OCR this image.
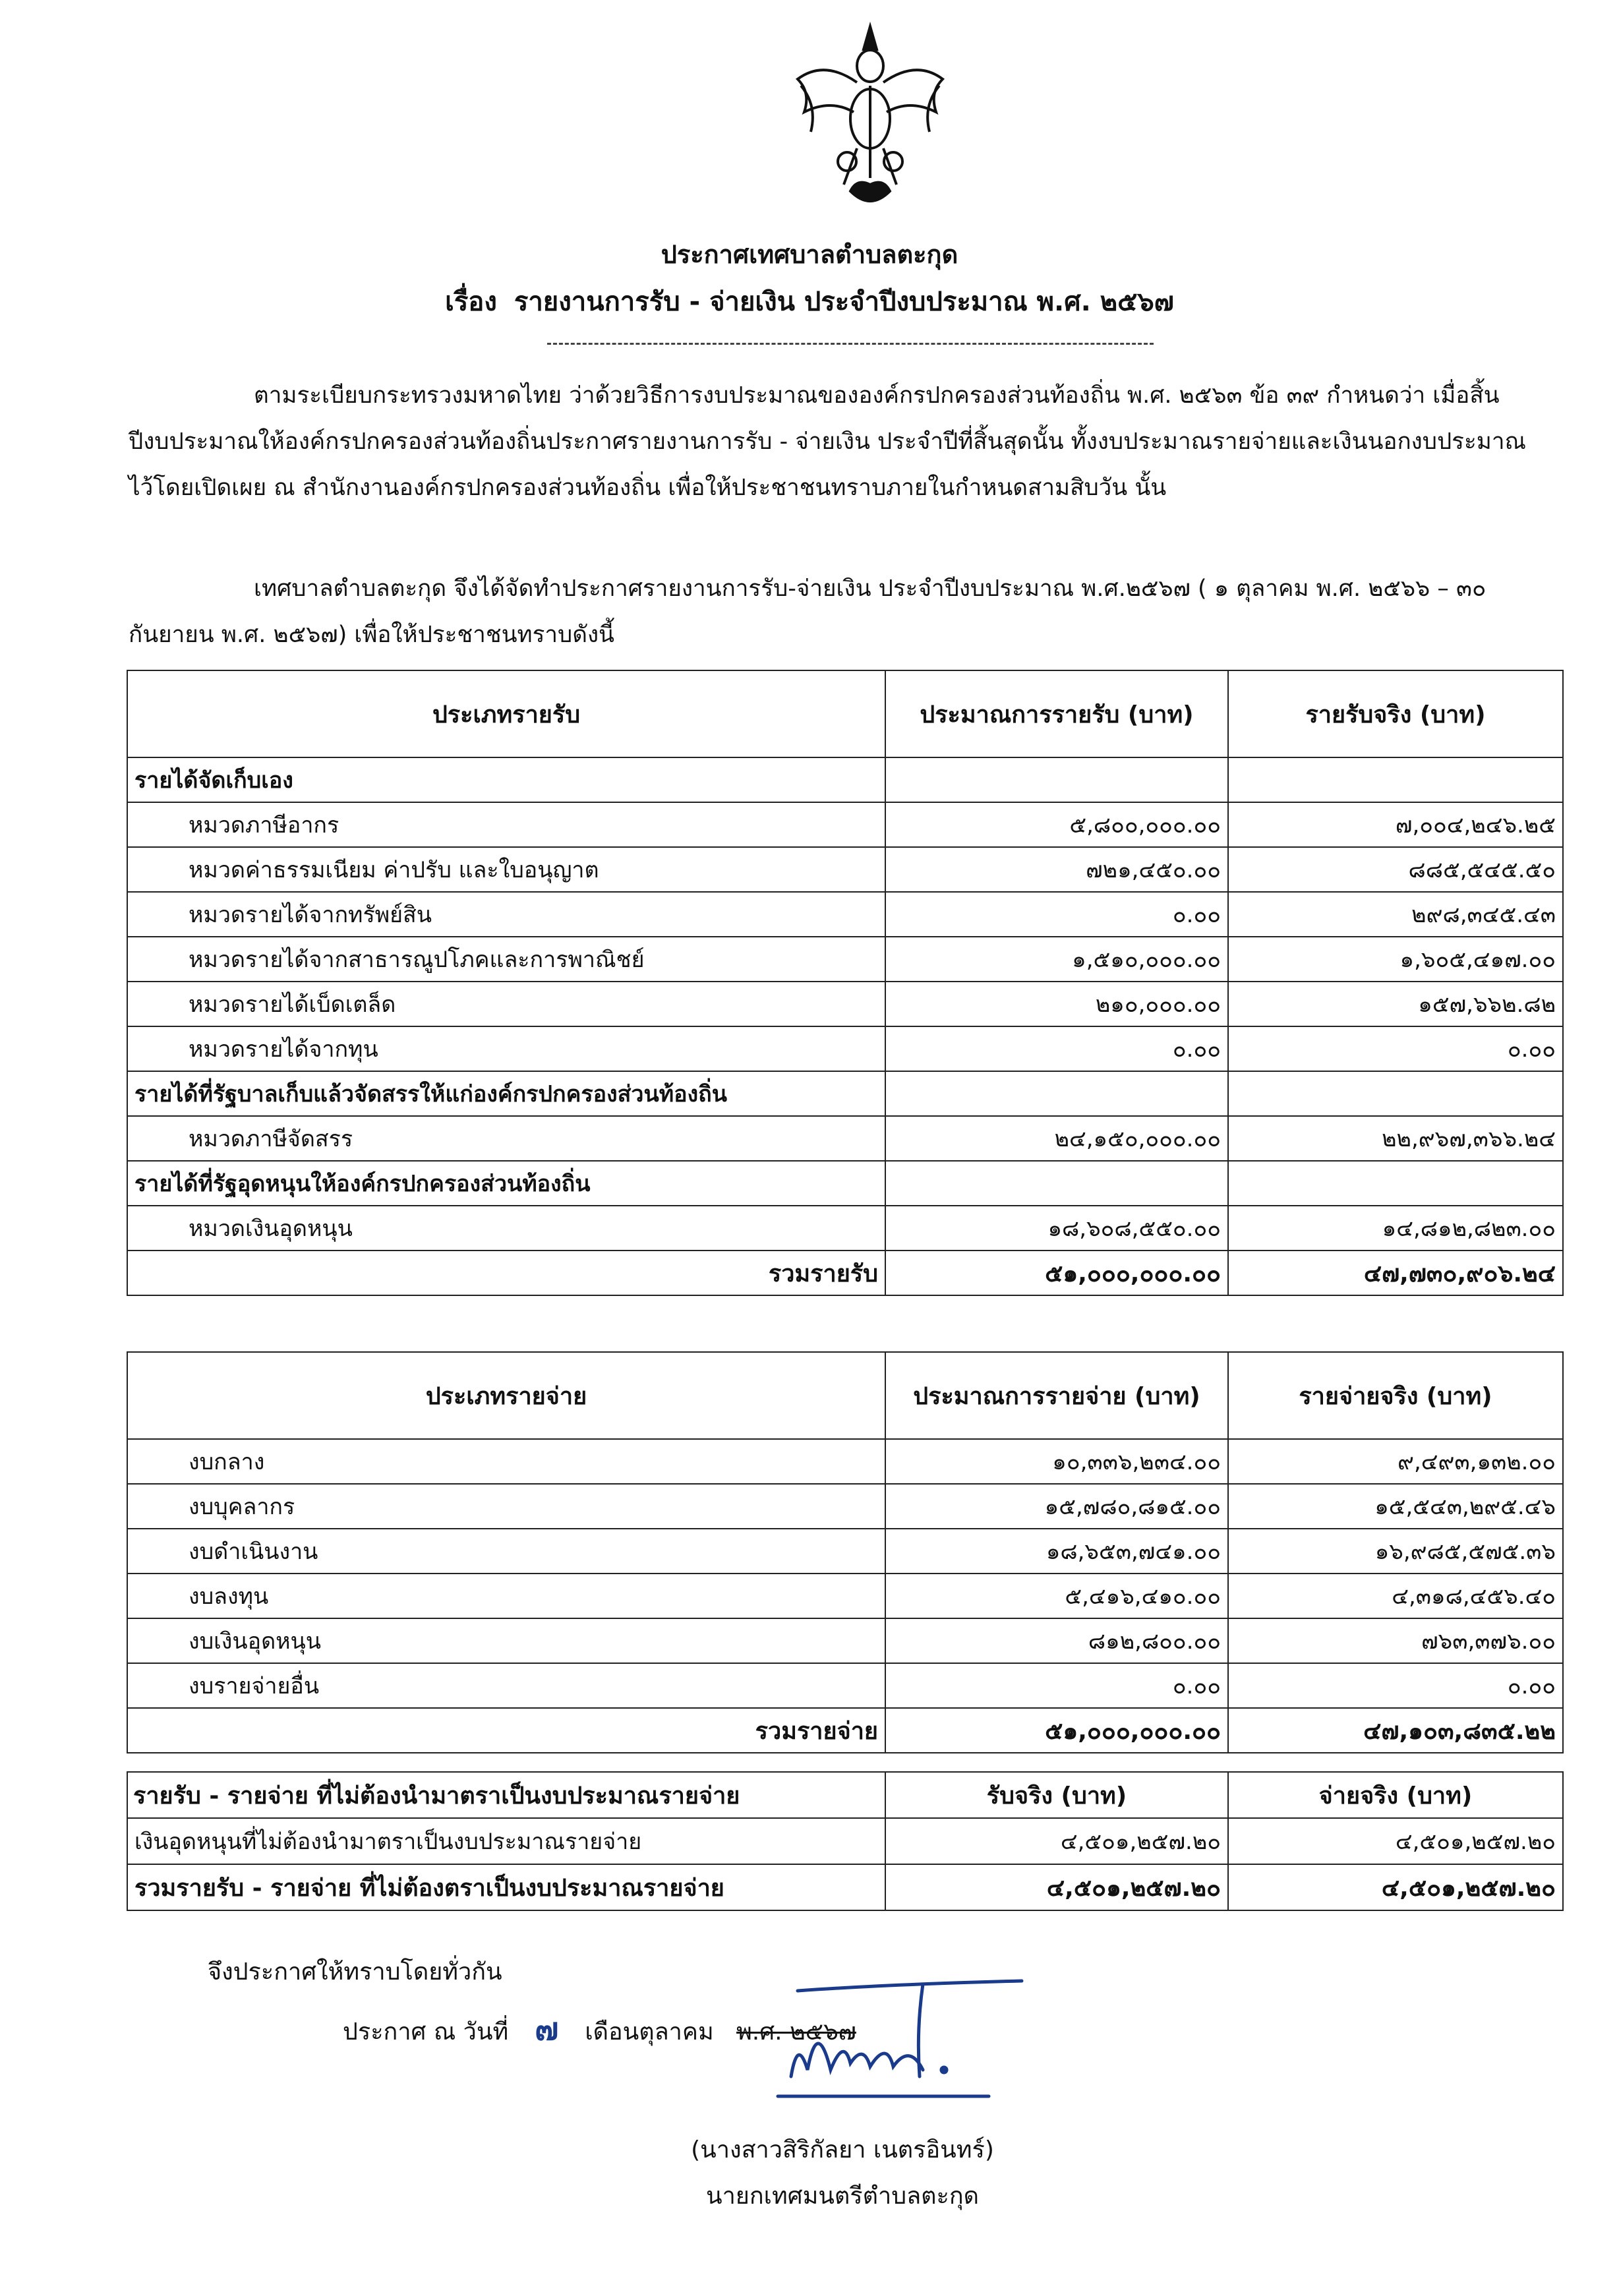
ประกาศเทศบาลตำบลตะกุด
เรื่อง รายงานการรับ - จ่ายเงิน ประจำปีงบประมาณ พ.ศ. ๒๕๖๗
ตามระเบียบกระทรวงมหาดไทย ว่าด้วยวิธีการงบประมาณขององค์กรปกครองส่วนท้องถิ่น พ.ศ. ๒๕๖๓ ข้อ ๓๙ กำหนดว่า เมื่อสิ้นปีงบประมาณให้องค์กรปกครองส่วนท้องถิ่นประกาศรายงานการรับ - จ่ายเงิน ประจำปีที่สิ้นสุดนั้น ทั้งงบประมาณรายจ่ายและเงินนอกงบประมาณไว้โดยเปิดเผย ณ สำนักงานองค์กรปกครองส่วนท้องถิ่น เพื่อให้ประชาชนทราบภายในกำหนดสามสิบวัน นั้น
เทศบาลตำบลตะกุด จึงได้จัดทำประกาศรายงานการรับ-จ่ายเงิน ประจำปีงบประมาณ พ.ศ.๒๕๖๗ ( ๑ ตุลาคม พ.ศ. ๒๕๖๖ – ๓๐ กันยายน พ.ศ. ๒๕๖๗) เพื่อให้ประชาชนทราบดังนี้
ประเภทรายรับ	ประมาณการรายรับ (บาท)	รายรับจริง (บาท)
รายได้จัดเก็บเอง		
หมวดภาษีอากร	๕,๘๐๐,๐๐๐.๐๐	๗,๐๐๔,๒๔๖.๒๕
หมวดค่าธรรมเนียม ค่าปรับ และใบอนุญาต	๗๒๑,๔๕๐.๐๐	๘๘๕,๕๔๕.๕๐
หมวดรายได้จากทรัพย์สิน	๐.๐๐	๒๙๘,๓๔๕.๔๓
หมวดรายได้จากสาธารณูปโภคและการพาณิชย์	๑,๕๑๐,๐๐๐.๐๐	๑,๖๐๕,๔๑๗.๐๐
หมวดรายได้เบ็ดเตล็ด	๒๑๐,๐๐๐.๐๐	๑๕๗,๖๖๒.๘๒
หมวดรายได้จากทุน	๐.๐๐	๐.๐๐
รายได้ที่รัฐบาลเก็บแล้วจัดสรรให้แก่องค์กรปกครองส่วนท้องถิ่น		
หมวดภาษีจัดสรร	๒๔,๑๕๐,๐๐๐.๐๐	๒๒,๙๖๗,๓๖๖.๒๔
รายได้ที่รัฐอุดหนุนให้องค์กรปกครองส่วนท้องถิ่น		
หมวดเงินอุดหนุน	๑๘,๖๐๘,๕๕๐.๐๐	๑๔,๘๑๒,๘๒๓.๐๐
รวมรายรับ	๕๑,๐๐๐,๐๐๐.๐๐	๔๗,๗๓๐,๙๐๖.๒๔
ประเภทรายจ่าย	ประมาณการรายจ่าย (บาท)	รายจ่ายจริง (บาท)
งบกลาง	๑๐,๓๓๖,๒๓๔.๐๐	๙,๔๙๓,๑๓๒.๐๐
งบบุคลากร	๑๕,๗๘๐,๘๑๕.๐๐	๑๕,๕๔๓,๒๙๕.๔๖
งบดำเนินงาน	๑๘,๖๕๓,๗๔๑.๐๐	๑๖,๙๘๕,๕๗๕.๓๖
งบลงทุน	๕,๔๑๖,๔๑๐.๐๐	๔,๓๑๘,๔๕๖.๔๐
งบเงินอุดหนุน	๘๑๒,๘๐๐.๐๐	๗๖๓,๓๗๖.๐๐
งบรายจ่ายอื่น	๐.๐๐	๐.๐๐
รวมรายจ่าย	๕๑,๐๐๐,๐๐๐.๐๐	๔๗,๑๐๓,๘๓๕.๒๒
รายรับ - รายจ่าย ที่ไม่ต้องนำมาตราเป็นงบประมาณรายจ่าย	รับจริง (บาท)	จ่ายจริง (บาท)
เงินอุดหนุนที่ไม่ต้องนำมาตราเป็นงบประมาณรายจ่าย	๔,๕๐๑,๒๕๗.๒๐	๔,๕๐๑,๒๕๗.๒๐
รวมรายรับ - รายจ่าย ที่ไม่ต้องตราเป็นงบประมาณรายจ่าย	๔,๕๐๑,๒๕๗.๒๐	๔,๕๐๑,๒๕๗.๒๐
จึงประกาศให้ทราบโดยทั่วกัน
ประกาศ ณ วันที่ ๗ เดือนตุลาคม พ.ศ. ๒๕๖๗
(นางสาวสิริกัลยา เนตรอินทร์)
นายกเทศมนตรีตำบลตะกุด
